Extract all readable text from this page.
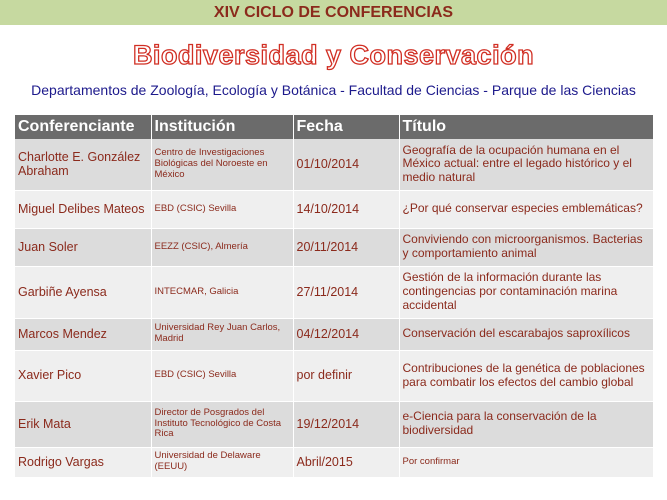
XIV CICLO DE CONFERENCIAS
Biodiversidad y Conservación
Departamentos de Zoología, Ecología y Botánica - Facultad de Ciencias - Parque de las Ciencias
Conferenciante	Institución	Fecha	Título
Charlotte E. González Abraham	Centro de Investigaciones Biológicas del Noroeste en México	01/10/2014	Geografía de la ocupación humana en el México actual: entre el legado histórico y el medio natural
Miguel Delibes Mateos	EBD (CSIC) Sevilla	14/10/2014	¿Por qué conservar especies emblemáticas?
Juan Soler	EEZZ (CSIC), Almería	20/11/2014	Conviviendo con microorganismos. Bacterias y comportamiento animal
Garbiñe Ayensa	INTECMAR, Galicia	27/11/2014	Gestión de la información durante las contingencias por contaminación marina accidental
Marcos Mendez	Universidad Rey Juan Carlos, Madrid	04/12/2014	Conservación del escarabajos saproxílicos
Xavier Pico	EBD (CSIC) Sevilla	por definir	Contribuciones de la genética de poblaciones para combatir los efectos del cambio global
Erik Mata	Director de Posgrados del Instituto Tecnológico de Costa Rica	19/12/2014	e-Ciencia para la conservación de la biodiversidad
Rodrigo Vargas	Universidad de Delaware (EEUU)	Abril/2015	Por confirmar
